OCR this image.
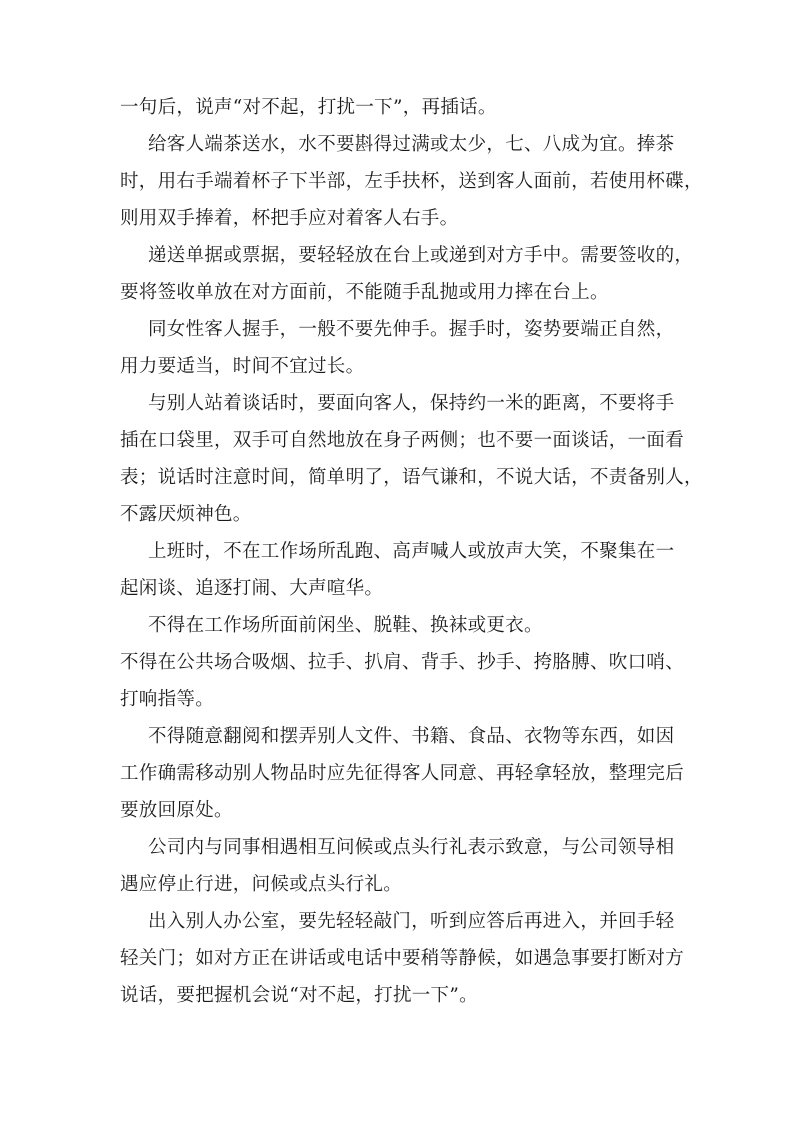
一句后，说声“对不起，打扰一下”，再插话。
给客人端茶送水，水不要斟得过满或太少，七、八成为宜。捧茶
时，用右手端着杯子下半部，左手扶杯，送到客人面前，若使用杯碟，
则用双手捧着，杯把手应对着客人右手。
递送单据或票据，要轻轻放在台上或递到对方手中。需要签收的，
要将签收单放在对方面前，不能随手乱抛或用力摔在台上。
同女性客人握手，一般不要先伸手。握手时，姿势要端正自然，
用力要适当，时间不宜过长。
与别人站着谈话时，要面向客人，保持约一米的距离，不要将手
插在口袋里，双手可自然地放在身子两侧；也不要一面谈话，一面看
表；说话时注意时间，简单明了，语气谦和，不说大话，不责备别人，
不露厌烦神色。
上班时，不在工作场所乱跑、高声喊人或放声大笑，不聚集在一
起闲谈、追逐打闹、大声喧华。
不得在工作场所面前闲坐、脱鞋、换袜或更衣。
不得在公共场合吸烟、拉手、扒肩、背手、抄手、挎胳膊、吹口哨、
打响指等。
不得随意翻阅和摆弄别人文件、书籍、食品、衣物等东西，如因
工作确需移动别人物品时应先征得客人同意、再轻拿轻放，整理完后
要放回原处。
公司内与同事相遇相互问候或点头行礼表示致意，与公司领导相
遇应停止行进，问候或点头行礼。
出入别人办公室，要先轻轻敲门，听到应答后再进入，并回手轻
轻关门；如对方正在讲话或电话中要稍等静候，如遇急事要打断对方
说话，要把握机会说“对不起，打扰一下”。
